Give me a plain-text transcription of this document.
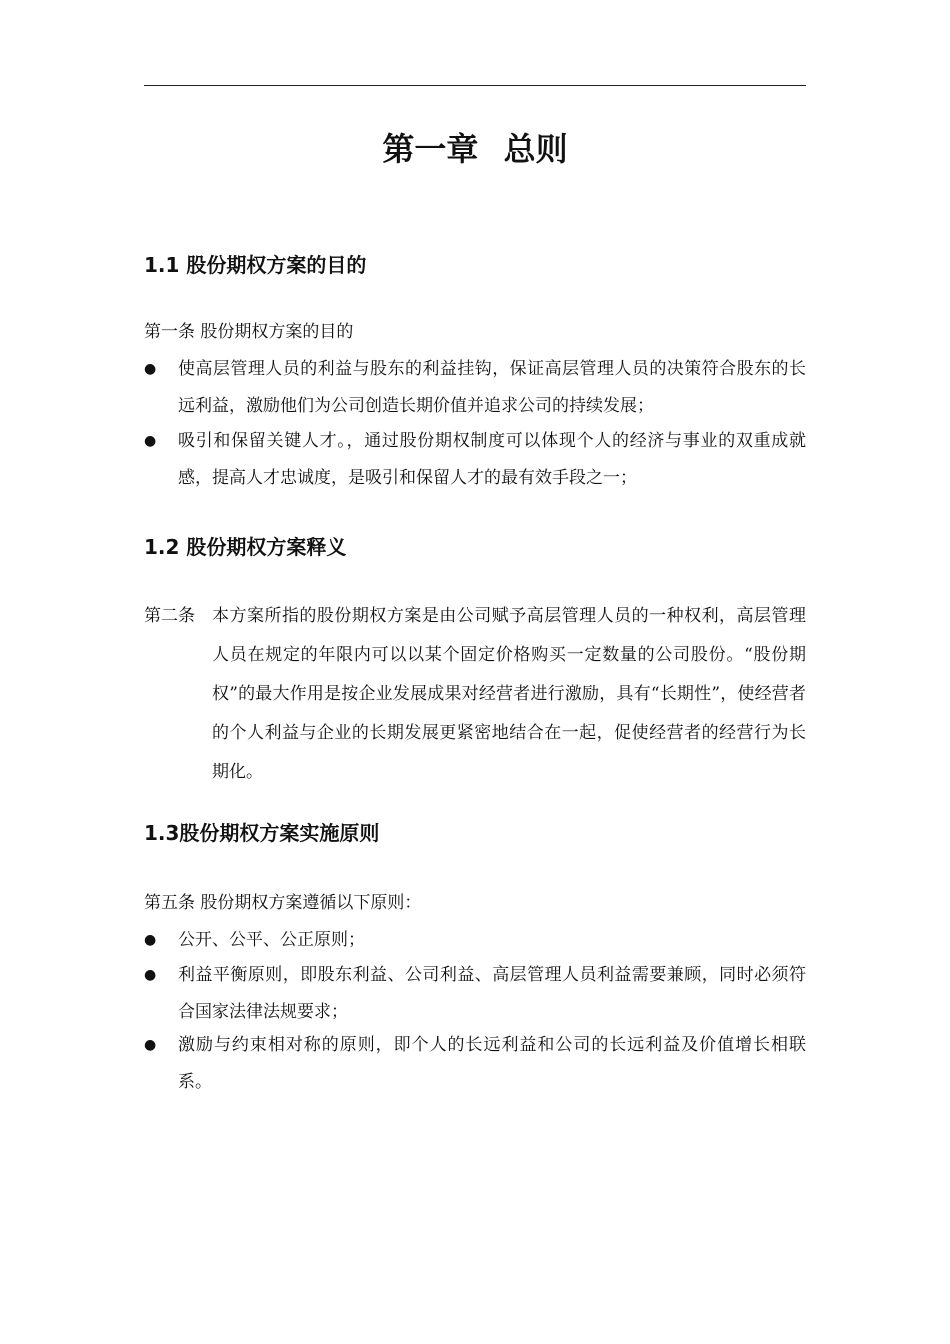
第一章 总则
1.1 股份期权方案的目的
第一条 股份期权方案的目的
●	使高层管理人员的利益与股东的利益挂钩，保证高层管理人员的决策符合股东的长远利益，激励他们为公司创造长期价值并追求公司的持续发展；
●	吸引和保留关键人才。，通过股份期权制度可以体现个人的经济与事业的双重成就感，提高人才忠诚度，是吸引和保留人才的最有效手段之一；
1.2 股份期权方案释义
第二条 本方案所指的股份期权方案是由公司赋予高层管理人员的一种权利，高层管理人员在规定的年限内可以以某个固定价格购买一定数量的公司股份。“股份期权”的最大作用是按企业发展成果对经营者进行激励，具有“长期性”，使经营者的个人利益与企业的长期发展更紧密地结合在一起，促使经营者的经营行为长期化。
1.3股份期权方案实施原则
第五条 股份期权方案遵循以下原则：
●	公开、公平、公正原则；
●	利益平衡原则，即股东利益、公司利益、高层管理人员利益需要兼顾，同时必须符合国家法律法规要求；
●	激励与约束相对称的原则，即个人的长远利益和公司的长远利益及价值增长相联系。
